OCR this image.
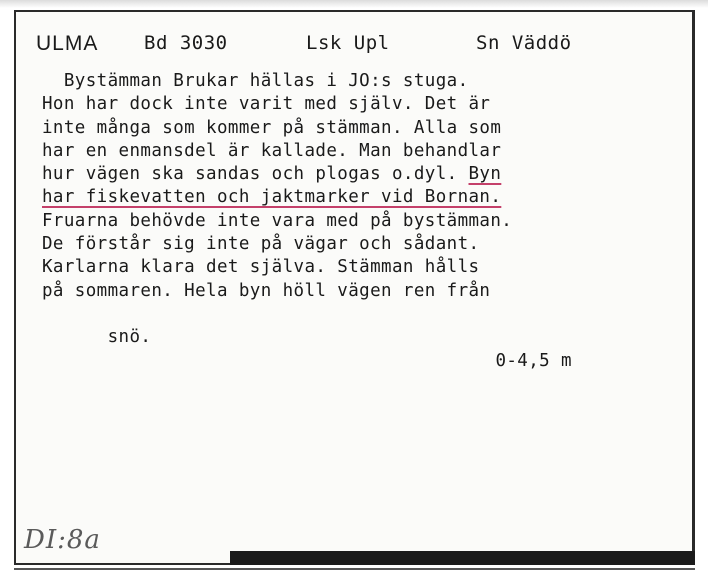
ULMA Bd 3030	Lsk Upl	Sn Väddö
Bystämman Brukar hällas i JO:s stuga.
Hon har dock inte varit med själv. Det är
inte många som kommer på stämman. Alla som
har en enmansdel är kallade. Man behandlar
hur vägen ska sandas och plogas o.dyl. Byn
har fiskevatten och jaktmarker vid Bornan.
Fruarna behövde inte vara med på bystämman.
De förstår sig inte på vägar och sådant.
Karlarna klara det själva. Stämman hålls
på sommaren. Hela byn höll vägen ren från

snö.

0-4,5 m

DI:8a
